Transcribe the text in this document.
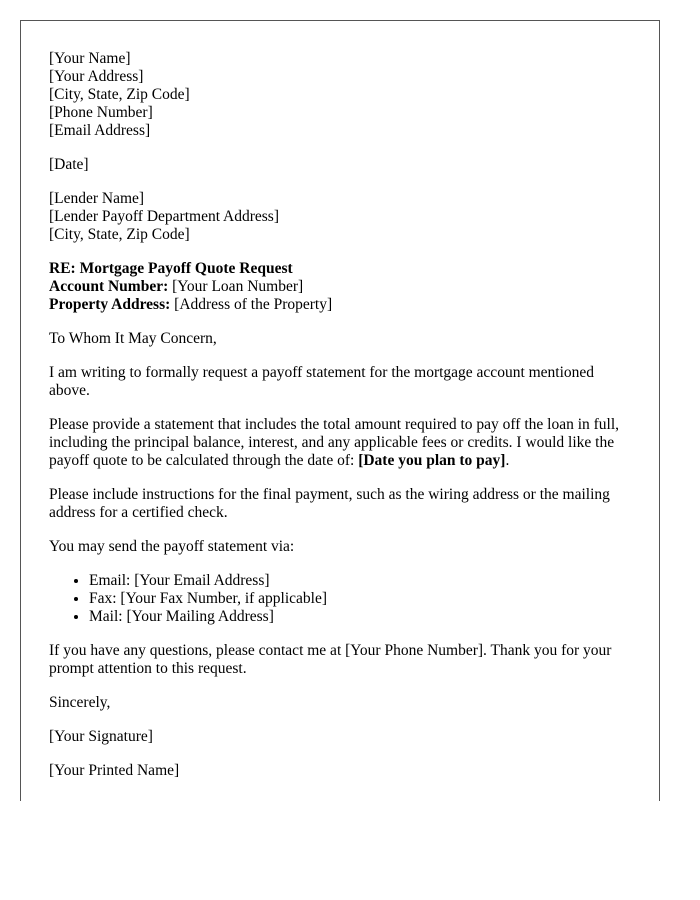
[Your Name]
[Your Address]
[City, State, Zip Code]
[Phone Number]
[Email Address]
[Date]
[Lender Name]
[Lender Payoff Department Address]
[City, State, Zip Code]
RE: Mortgage Payoff Quote Request
Account Number: [Your Loan Number]
Property Address: [Address of the Property]

To Whom It May Concern,

I am writing to formally request a payoff statement for the mortgage account mentioned above.

Please provide a statement that includes the total amount required to pay off the loan in full, including the principal balance, interest, and any applicable fees or credits. I would like the payoff quote to be calculated through the date of: [Date you plan to pay].

Please include instructions for the final payment, such as the wiring address or the mailing address for a certified check.

You may send the payoff statement via:

• Email: [Your Email Address]
• Fax: [Your Fax Number, if applicable]
• Mail: [Your Mailing Address]

If you have any questions, please contact me at [Your Phone Number]. Thank you for your prompt attention to this request.

Sincerely,

[Your Signature]

[Your Printed Name]
